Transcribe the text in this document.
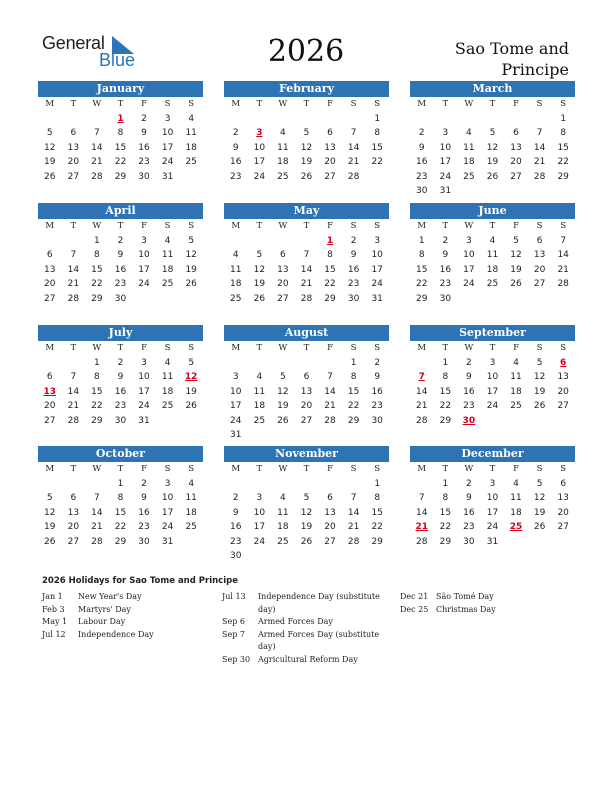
General
Blue	2026	Sao Tome and Principe
January
M	T	W	T	F	S	S
			1	2	3	4
5	6	7	8	9	10	11
12	13	14	15	16	17	18
19	20	21	22	23	24	25
26	27	28	29	30	31	
February
M	T	W	T	F	S	S
						1
2	3	4	5	6	7	8
9	10	11	12	13	14	15
16	17	18	19	20	21	22
23	24	25	26	27	28	
March
M	T	W	T	F	S	S
						1
2	3	4	5	6	7	8
9	10	11	12	13	14	15
16	17	18	19	20	21	22
23	24	25	26	27	28	29
30	31					
April
M	T	W	T	F	S	S
		1	2	3	4	5
6	7	8	9	10	11	12
13	14	15	16	17	18	19
20	21	22	23	24	25	26
27	28	29	30			
May
M	T	W	T	F	S	S
				1	2	3
4	5	6	7	8	9	10
11	12	13	14	15	16	17
18	19	20	21	22	23	24
25	26	27	28	29	30	31
June
M	T	W	T	F	S	S
1	2	3	4	5	6	7
8	9	10	11	12	13	14
15	16	17	18	19	20	21
22	23	24	25	26	27	28
29	30					
July
M	T	W	T	F	S	S
		1	2	3	4	5
6	7	8	9	10	11	12
13	14	15	16	17	18	19
20	21	22	23	24	25	26
27	28	29	30	31		
August
M	T	W	T	F	S	S
					1	2
3	4	5	6	7	8	9
10	11	12	13	14	15	16
17	18	19	20	21	22	23
24	25	26	27	28	29	30
31						
September
M	T	W	T	F	S	S
	1	2	3	4	5	6
7	8	9	10	11	12	13
14	15	16	17	18	19	20
21	22	23	24	25	26	27
28	29	30				
October
M	T	W	T	F	S	S
			1	2	3	4
5	6	7	8	9	10	11
12	13	14	15	16	17	18
19	20	21	22	23	24	25
26	27	28	29	30	31	
November
M	T	W	T	F	S	S
						1
2	3	4	5	6	7	8
9	10	11	12	13	14	15
16	17	18	19	20	21	22
23	24	25	26	27	28	29
30						
December
M	T	W	T	F	S	S
	1	2	3	4	5	6
7	8	9	10	11	12	13
14	15	16	17	18	19	20
21	22	23	24	25	26	27
28	29	30	31			
2026 Holidays for Sao Tome and Principe
Jan 1	New Year's Day
Feb 3	Martyrs' Day
May 1	Labour Day
Jul 12	Independence Day
Jul 13	Independence Day (substitute day)
Sep 6	Armed Forces Day
Sep 7	Armed Forces Day (substitute day)
Sep 30 Agricultural Reform Day
Dec 21 São Tomé Day
Dec 25 Christmas Day
